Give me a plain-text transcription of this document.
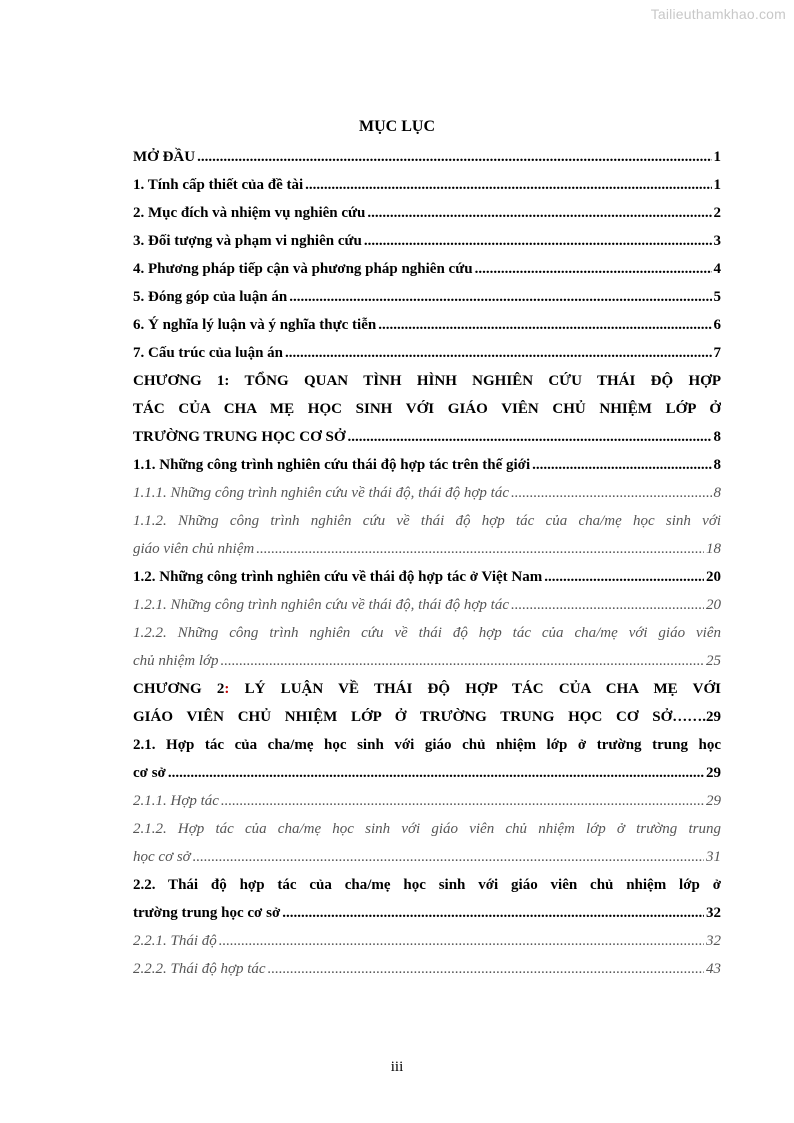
Tailieuthamkhao.com
MỤC LỤC
MỞ ĐẦU .....	1
1. Tính cấp thiết của đề tài .....	1
2. Mục đích và nhiệm vụ nghiên cứu .....	2
3. Đối tượng và phạm vi nghiên cứu .....	3
4. Phương pháp tiếp cận và phương pháp nghiên cứu .....	4
5. Đóng góp của luận án .....	5
6. Ý nghĩa lý luận và ý nghĩa thực tiễn .....	6
7. Cấu trúc của luận án .....	7
CHƯƠNG 1: TỔNG QUAN TÌNH HÌNH NGHIÊN CỨU THÁI ĐỘ HỢP
TÁC CỦA CHA MẸ HỌC SINH VỚI GIÁO VIÊN CHỦ NHIỆM LỚP Ở
TRƯỜNG TRUNG HỌC CƠ SỞ .....	8
1.1. Những công trình nghiên cứu thái độ hợp tác trên thế giới .....	8
1.1.1. Những công trình nghiên cứu về thái độ, thái độ hợp tác .....	8
1.1.2. Những công trình nghiên cứu về thái độ hợp tác của cha/mẹ học sinh với
giáo viên chủ nhiệm .....	18
1.2. Những công trình nghiên cứu về thái độ hợp tác ở Việt Nam .....	20
1.2.1. Những công trình nghiên cứu về thái độ, thái độ hợp tác .....	20
1.2.2. Những công trình nghiên cứu về thái độ hợp tác của cha/mẹ với giáo viên
chủ nhiệm lớp .....	25
CHƯƠNG 2: LÝ LUẬN VỀ THÁI ĐỘ HỢP TÁC CỦA CHA MẸ VỚI
GIÁO VIÊN CHỦ NHIỆM LỚP Ở TRƯỜNG TRUNG HỌC CƠ SỞ…….29
2.1. Hợp tác của cha/mẹ học sinh với giáo chủ nhiệm lớp ở trường trung học
cơ sở .....	29
2.1.1. Hợp tác .....	29
2.1.2. Hợp tác của cha/mẹ học sinh với giáo viên chủ nhiệm lớp ở trường trung
học cơ sở .....	31
2.2. Thái độ hợp tác của cha/mẹ học sinh với giáo viên chủ nhiệm lớp ở
trường trung học cơ sở .....	32
2.2.1. Thái độ .....	32
2.2.2. Thái độ hợp tác .....	43
iii
